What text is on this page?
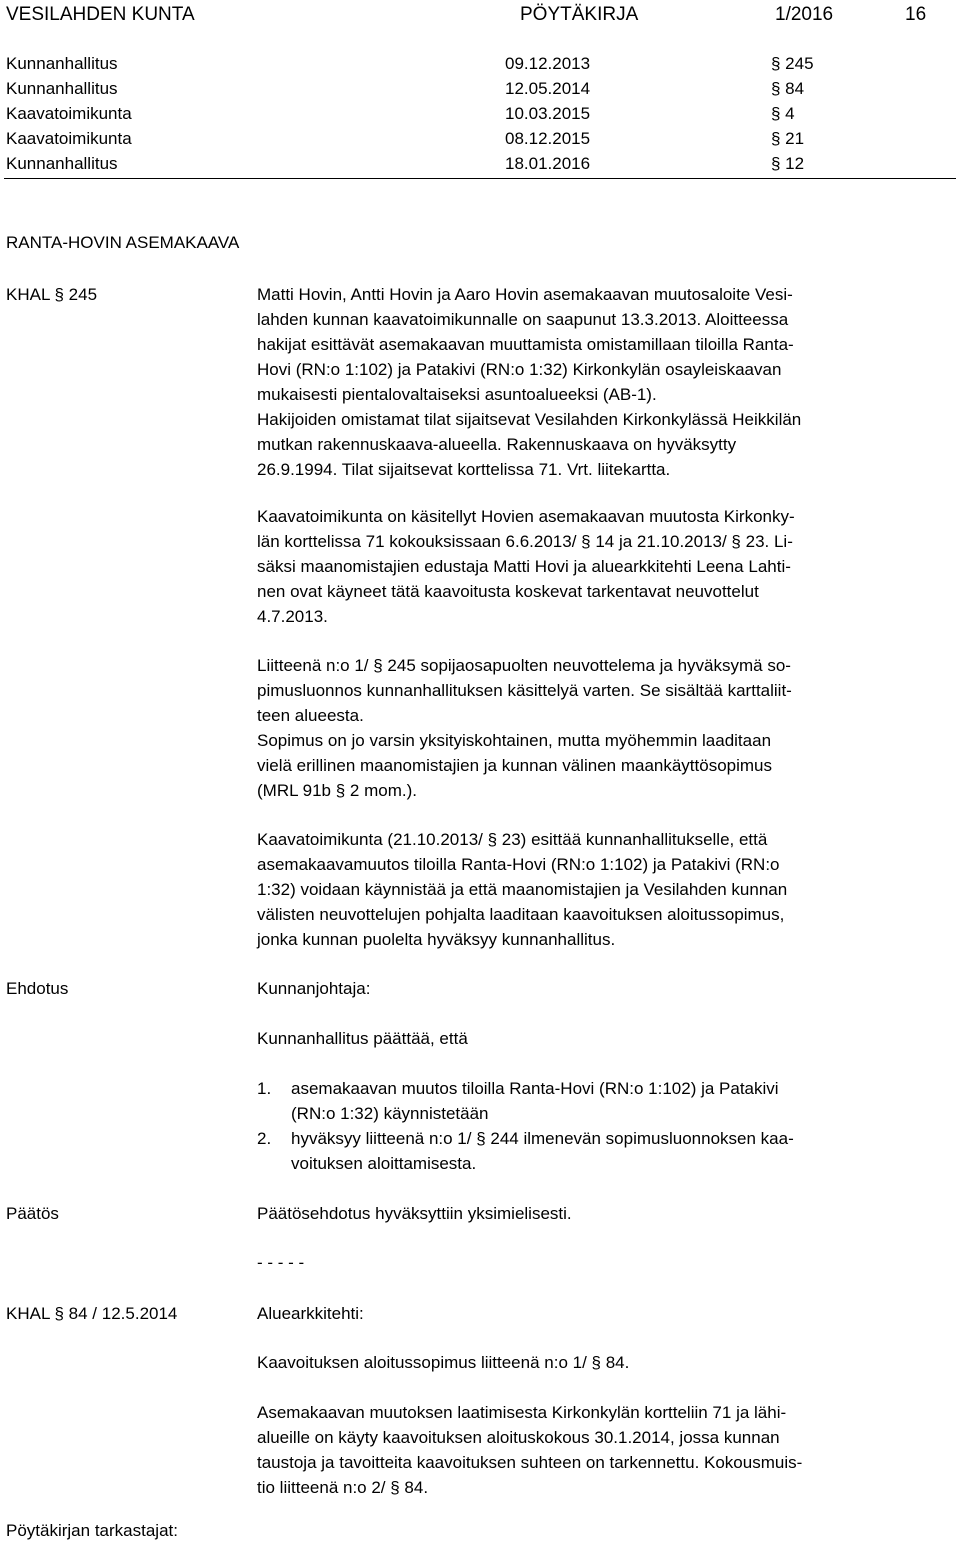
VESILAHDEN KUNTA	PÖYTÄKIRJA	1/2016	16
Kunnanhallitus	09.12.2013	§ 245
Kunnanhallitus	12.05.2014	§ 84
Kaavatoimikunta	10.03.2015	§ 4
Kaavatoimikunta	08.12.2015	§ 21
Kunnanhallitus	18.01.2016	§ 12
RANTA-HOVIN ASEMAKAAVA
KHAL § 245	Matti Hovin, Antti Hovin ja Aaro Hovin asemakaavan muutosaloite Vesi-
lahden kunnan kaavatoimikunnalle on saapunut 13.3.2013. Aloitteessa
hakijat esittävät asemakaavan muuttamista omistamillaan tiloilla Ranta-
Hovi (RN:o 1:102) ja Patakivi (RN:o 1:32) Kirkonkylän osayleiskaavan
mukaisesti pientalovaltaiseksi asuntoalueeksi (AB-1).
Hakijoiden omistamat tilat sijaitsevat Vesilahden Kirkonkylässä Heikkilän
mutkan rakennuskaava-alueella. Rakennuskaava on hyväksytty
26.9.1994. Tilat sijaitsevat korttelissa 71. Vrt. liitekartta.
Kaavatoimikunta on käsitellyt Hovien asemakaavan muutosta Kirkonky-
län korttelissa 71 kokouksissaan 6.6.2013/ § 14 ja 21.10.2013/ § 23. Li-
säksi maanomistajien edustaja Matti Hovi ja aluearkkitehti Leena Lahti-
nen ovat käyneet tätä kaavoitusta koskevat tarkentavat neuvottelut
4.7.2013.
Liitteenä n:o 1/ § 245 sopijaosapuolten neuvottelema ja hyväksymä so-
pimusluonnos kunnanhallituksen käsittelyä varten. Se sisältää karttaliit-
teen alueesta.
Sopimus on jo varsin yksityiskohtainen, mutta myöhemmin laaditaan
vielä erillinen maanomistajien ja kunnan välinen maankäyttösopimus
(MRL 91b § 2 mom.).
Kaavatoimikunta (21.10.2013/ § 23) esittää kunnanhallitukselle, että
asemakaavamuutos tiloilla Ranta-Hovi (RN:o 1:102) ja Patakivi (RN:o
1:32) voidaan käynnistää ja että maanomistajien ja Vesilahden kunnan
välisten neuvottelujen pohjalta laaditaan kaavoituksen aloitussopimus,
jonka kunnan puolelta hyväksyy kunnanhallitus.
Ehdotus	Kunnanjohtaja:
Kunnanhallitus päättää, että
1. asemakaavan muutos tiloilla Ranta-Hovi (RN:o 1:102) ja Patakivi
(RN:o 1:32) käynnistetään
2. hyväksyy liitteenä n:o 1/ § 244 ilmenevän sopimusluonnoksen kaa-
voituksen aloittamisesta.
Päätös	Päätösehdotus hyväksyttiin yksimielisesti.
- - - - -
KHAL § 84 / 12.5.2014	Aluearkkitehti:
Kaavoituksen aloitussopimus liitteenä n:o 1/ § 84.
Asemakaavan muutoksen laatimisesta Kirkonkylän kortteliin 71 ja lähi-
alueille on käyty kaavoituksen aloituskokous 30.1.2014, jossa kunnan
taustoja ja tavoitteita kaavoituksen suhteen on tarkennettu. Kokousmuis-
tio liitteenä n:o 2/ § 84.
Pöytäkirjan tarkastajat:
